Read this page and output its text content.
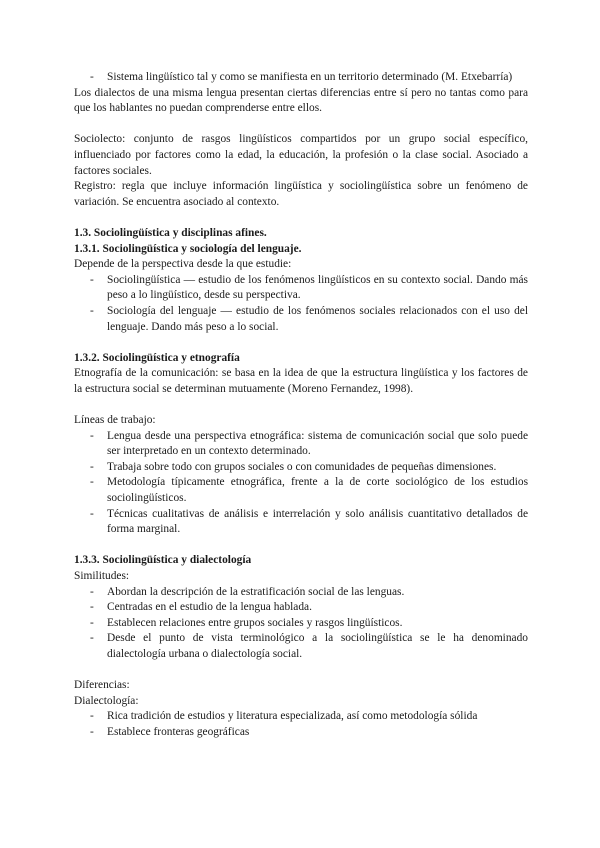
- Sistema lingüístico tal y como se manifiesta en un territorio determinado (M. Etxebarría)

Los dialectos de una misma lengua presentan ciertas diferencias entre sí pero no tantas como para que los hablantes no puedan comprenderse entre ellos.

Sociolecto: conjunto de rasgos lingüísticos compartidos por un grupo social específico, influenciado por factores como la edad, la educación, la profesión o la clase social. Asociado a factores sociales.

Registro: regla que incluye información lingüística y sociolingüística sobre un fenómeno de variación. Se encuentra asociado al contexto.

1.3. Sociolingüística y disciplinas afines.

1.3.1. Sociolingüística y sociología del lenguaje.

Depende de la perspectiva desde la que estudie:

- Sociolingüística — estudio de los fenómenos lingüísticos en su contexto social. Dando más peso a lo lingüístico, desde su perspectiva.
- Sociología del lenguaje — estudio de los fenómenos sociales relacionados con el uso del lenguaje. Dando más peso a lo social.

1.3.2. Sociolingüística y etnografía

Etnografía de la comunicación: se basa en la idea de que la estructura lingüística y los factores de la estructura social se determinan mutuamente (Moreno Fernandez, 1998).

Líneas de trabajo:

- Lengua desde una perspectiva etnográfica: sistema de comunicación social que solo puede ser interpretado en un contexto determinado.
- Trabaja sobre todo con grupos sociales o con comunidades de pequeñas dimensiones.
- Metodología típicamente etnográfica, frente a la de corte sociológico de los estudios sociolingüísticos.
- Técnicas cualitativas de análisis e interrelación y solo análisis cuantitativo detallados de forma marginal.

1.3.3. Sociolingüística y dialectología

Similitudes:

- Abordan la descripción de la estratificación social de las lenguas.
- Centradas en el estudio de la lengua hablada.
- Establecen relaciones entre grupos sociales y rasgos lingüísticos.
- Desde el punto de vista terminológico a la sociolingüística se le ha denominado dialectología urbana o dialectología social.

Diferencias:

Dialectología:

- Rica tradición de estudios y literatura especializada, así como metodología sólida
- Establece fronteras geográficas
